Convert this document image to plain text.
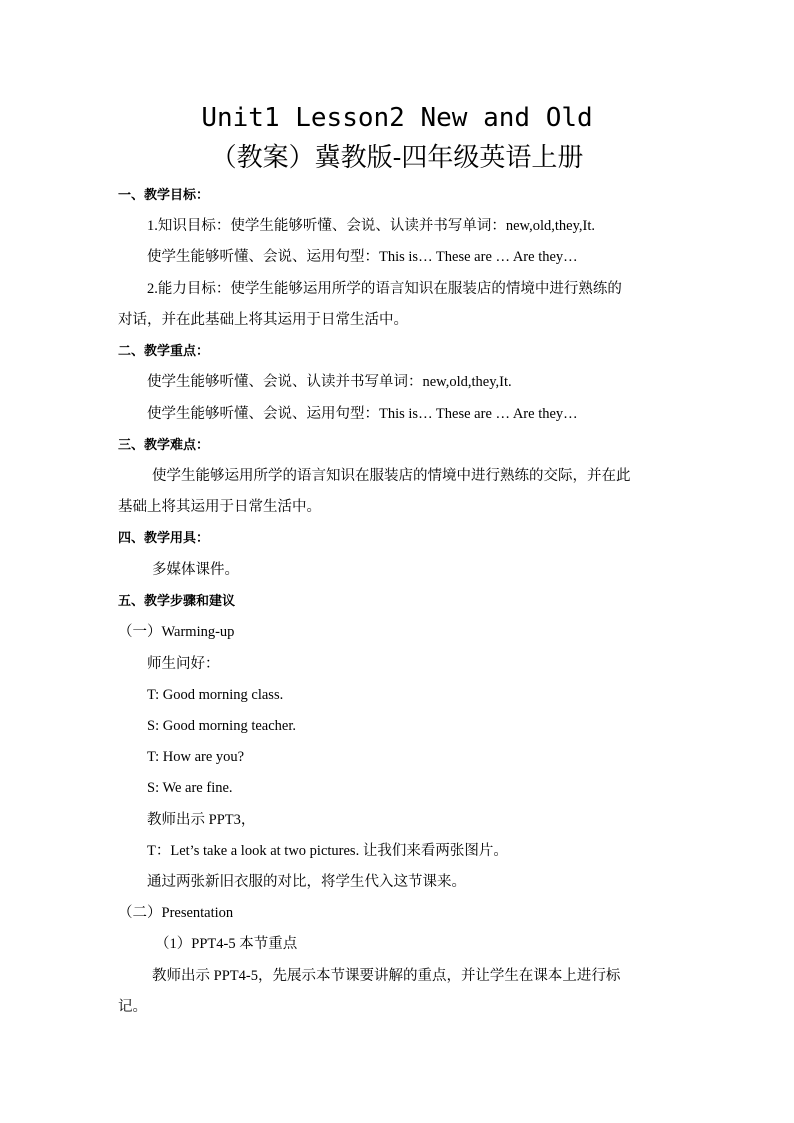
Unit1 Lesson2 New and Old
（教案）冀教版-四年级英语上册
一、教学目标：
1.知识目标：使学生能够听懂、会说、认读并书写单词：new,old,they,It.
使学生能够听懂、会说、运用句型：This is… These are … Are they…
2.能力目标：使学生能够运用所学的语言知识在服装店的情境中进行熟练的
对话，并在此基础上将其运用于日常生活中。
二、教学重点：
使学生能够听懂、会说、认读并书写单词：new,old,they,It.
使学生能够听懂、会说、运用句型：This is… These are … Are they…
三、教学难点：
使学生能够运用所学的语言知识在服装店的情境中进行熟练的交际，并在此
基础上将其运用于日常生活中。
四、教学用具：
多媒体课件。
五、教学步骤和建议
（一）Warming-up
师生问好：
T: Good morning class.
S: Good morning teacher.
T: How are you?
S: We are fine.
教师出示 PPT3，
T：Let’s take a look at two pictures. 让我们来看两张图片。
通过两张新旧衣服的对比，将学生代入这节课来。
（二）Presentation
（1）PPT4-5 本节重点
教师出示 PPT4-5，先展示本节课要讲解的重点，并让学生在课本上进行标
记。
